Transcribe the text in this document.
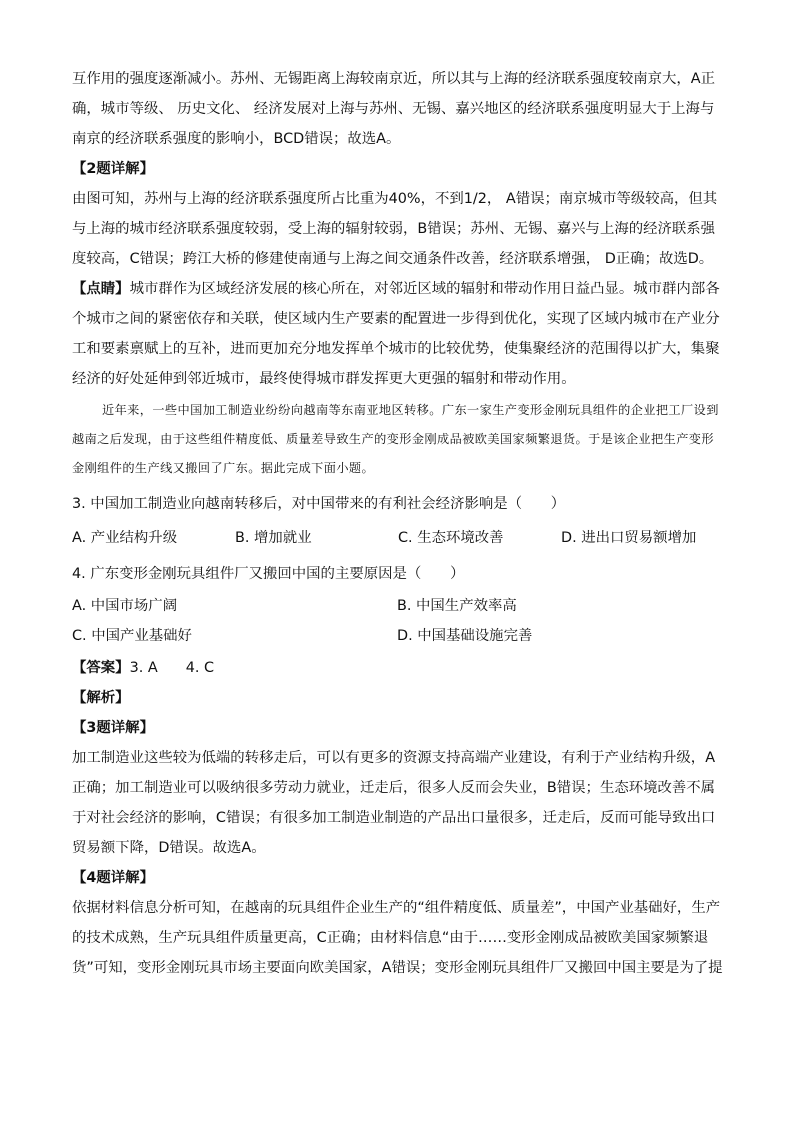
互作用的强度逐渐减小。苏州、无锡距离上海较南京近，所以其与上海的经济联系强度较南京大，A正确，城市等级、 历史文化、 经济发展对上海与苏州、无锡、嘉兴地区的经济联系强度明显大于上海与南京的经济联系强度的影响小，BCD错误；故选A。

【2题详解】

由图可知，苏州与上海的经济联系强度所占比重为40%，不到1/2， A错误；南京城市等级较高，但其与上海的城市经济联系强度较弱，受上海的辐射较弱，B错误；苏州、无锡、嘉兴与上海的经济联系强度较高，C错误；跨江大桥的修建使南通与上海之间交通条件改善，经济联系增强， D正确；故选D。

【点睛】城市群作为区域经济发展的核心所在，对邻近区域的辐射和带动作用日益凸显。城市群内部各个城市之间的紧密依存和关联，使区域内生产要素的配置进一步得到优化，实现了区域内城市在产业分工和要素禀赋上的互补，进而更加充分地发挥单个城市的比较优势，使集聚经济的范围得以扩大，集聚经济的好处延伸到邻近城市，最终使得城市群发挥更大更强的辐射和带动作用。

近年来，一些中国加工制造业纷纷向越南等东南亚地区转移。广东一家生产变形金刚玩具组件的企业把工厂设到越南之后发现，由于这些组件精度低、质量差导致生产的变形金刚成品被欧美国家频繁退货。于是该企业把生产变形金刚组件的生产线又搬回了广东。据此完成下面小题。

3. 中国加工制造业向越南转移后，对中国带来的有利社会经济影响是（　　）

A. 产业结构升级	B. 增加就业	C. 生态环境改善	D. 进出口贸易额增加

4. 广东变形金刚玩具组件厂又搬回中国的主要原因是（　　）

A. 中国市场广阔	B. 中国生产效率高
C. 中国产业基础好	D. 中国基础设施完善

【答案】3. A 4. C

【解析】

【3题详解】

加工制造业这些较为低端的转移走后，可以有更多的资源支持高端产业建设，有利于产业结构升级，A正确；加工制造业可以吸纳很多劳动力就业，迁走后，很多人反而会失业，B错误；生态环境改善不属于对社会经济的影响，C错误；有很多加工制造业制造的产品出口量很多，迁走后，反而可能导致出口贸易额下降，D错误。故选A。

【4题详解】

依据材料信息分析可知，在越南的玩具组件企业生产的“组件精度低、质量差”，中国产业基础好，生产的技术成熟，生产玩具组件质量更高，C正确；由材料信息“由于……变形金刚成品被欧美国家频繁退货”可知，变形金刚玩具市场主要面向欧美国家，A错误；变形金刚玩具组件厂又搬回中国主要是为了提
